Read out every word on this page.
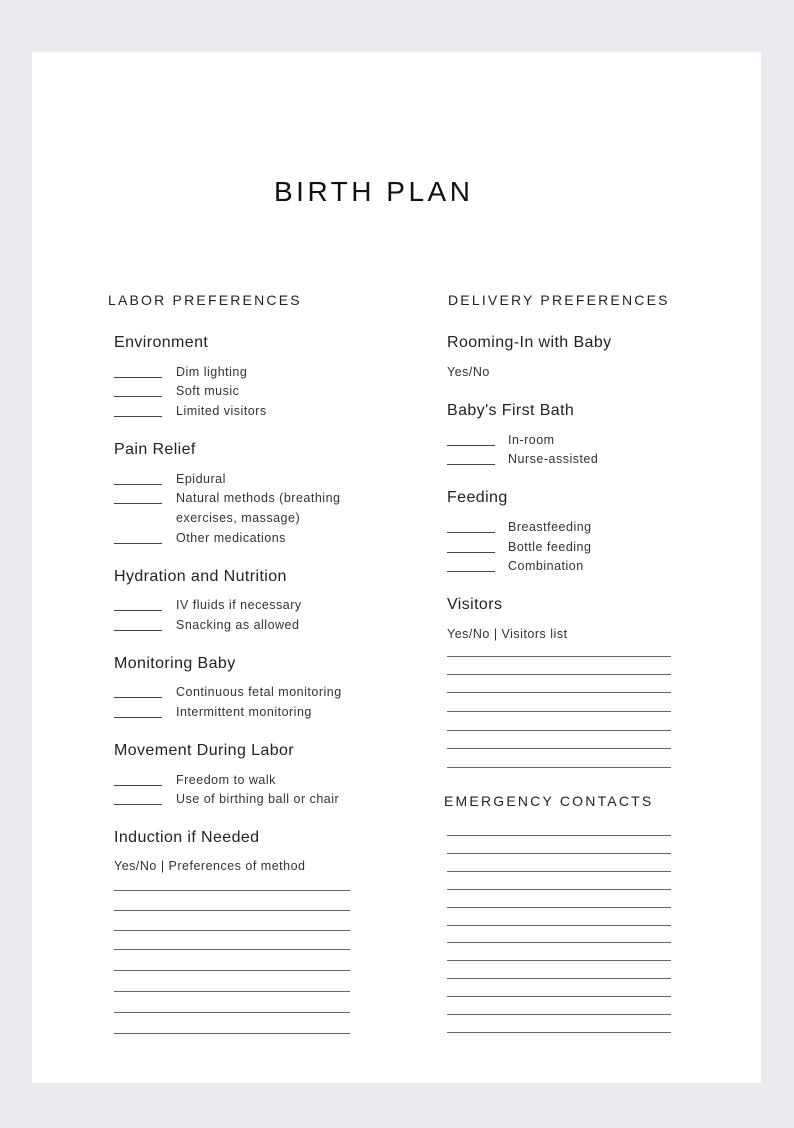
BIRTH PLAN
LABOR PREFERENCES
Environment
Dim lighting
Soft music
Limited visitors
Pain Relief
Epidural
Natural methods (breathing
exercises, massage)
Other medications
Hydration and Nutrition
IV fluids if necessary
Snacking as allowed
Monitoring Baby
Continuous fetal monitoring
Intermittent monitoring
Movement During Labor
Freedom to walk
Use of birthing ball or chair
Induction if Needed
Yes/No | Preferences of method
DELIVERY PREFERENCES
Rooming-In with Baby
Yes/No
Baby's First Bath
In-room
Nurse-assisted
Feeding
Breastfeeding
Bottle feeding
Combination
Visitors
Yes/No | Visitors list
EMERGENCY CONTACTS
